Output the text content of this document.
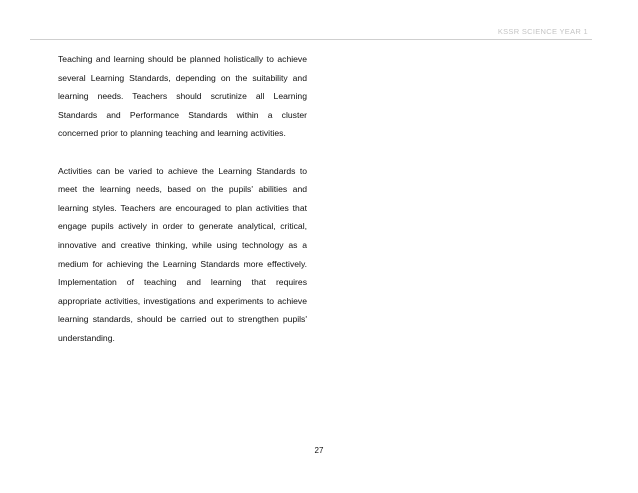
KSSR SCIENCE YEAR 1

Teaching and learning should be planned holistically to achieve several Learning Standards, depending on the suitability and learning needs. Teachers should scrutinize all Learning Standards and Performance Standards within a cluster concerned prior to planning teaching and learning activities.

Activities can be varied to achieve the Learning Standards to meet the learning needs, based on the pupils' abilities and learning styles. Teachers are encouraged to plan activities that engage pupils actively in order to generate analytical, critical, innovative and creative thinking, while using technology as a medium for achieving the Learning Standards more effectively. Implementation of teaching and learning that requires appropriate activities, investigations and experiments to achieve learning standards, should be carried out to strengthen pupils' understanding.

27
